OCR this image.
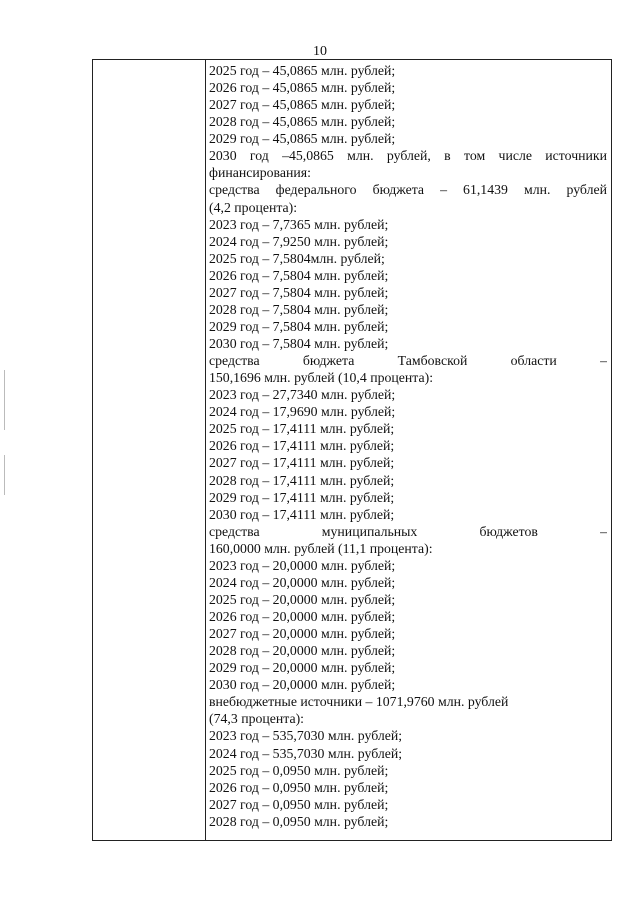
10
2025 год – 45,0865 млн. рублей;
2026 год – 45,0865 млн. рублей;
2027 год – 45,0865 млн. рублей;
2028 год – 45,0865 млн. рублей;
2029 год – 45,0865 млн. рублей;
2030 год –45,0865 млн. рублей, в том числе источники
финансирования:
средства федерального бюджета – 61,1439 млн. рублей
(4,2 процента):
2023 год – 7,7365 млн. рублей;
2024 год – 7,9250 млн. рублей;
2025 год – 7,5804млн. рублей;
2026 год – 7,5804 млн. рублей;
2027 год – 7,5804 млн. рублей;
2028 год – 7,5804 млн. рублей;
2029 год – 7,5804 млн. рублей;
2030 год – 7,5804 млн. рублей;
средства бюджета Тамбовской области –
150,1696 млн. рублей (10,4 процента):
2023 год – 27,7340 млн. рублей;
2024 год – 17,9690 млн. рублей;
2025 год – 17,4111 млн. рублей;
2026 год – 17,4111 млн. рублей;
2027 год – 17,4111 млн. рублей;
2028 год – 17,4111 млн. рублей;
2029 год – 17,4111 млн. рублей;
2030 год – 17,4111 млн. рублей;
средства муниципальных бюджетов –
160,0000 млн. рублей (11,1 процента):
2023 год – 20,0000 млн. рублей;
2024 год – 20,0000 млн. рублей;
2025 год – 20,0000 млн. рублей;
2026 год – 20,0000 млн. рублей;
2027 год – 20,0000 млн. рублей;
2028 год – 20,0000 млн. рублей;
2029 год – 20,0000 млн. рублей;
2030 год – 20,0000 млн. рублей;
внебюджетные источники – 1071,9760 млн. рублей
(74,3 процента):
2023 год – 535,7030 млн. рублей;
2024 год – 535,7030 млн. рублей;
2025 год – 0,0950 млн. рублей;
2026 год – 0,0950 млн. рублей;
2027 год – 0,0950 млн. рублей;
2028 год – 0,0950 млн. рублей;
